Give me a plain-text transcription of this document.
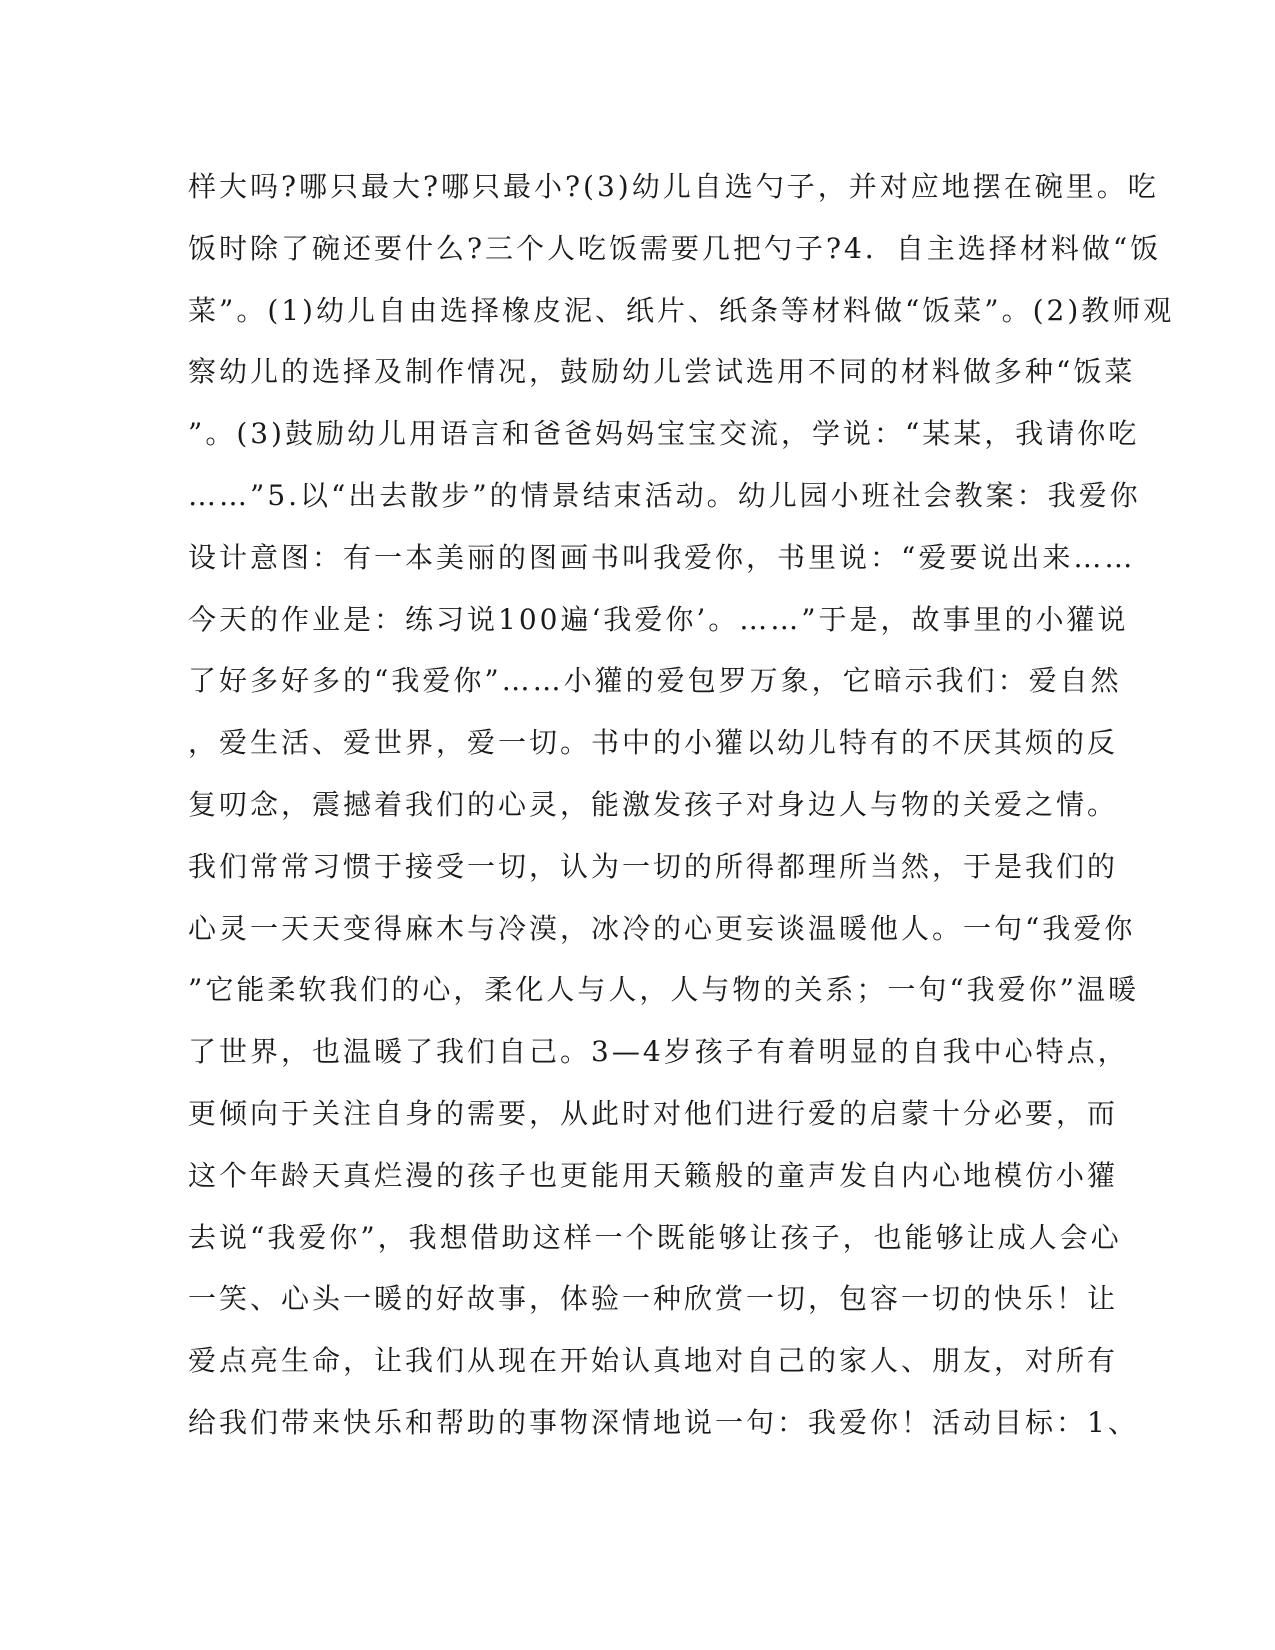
样大吗?哪只最大?哪只最小?(3)幼儿自选勺子，并对应地摆在碗里。吃
饭时除了碗还要什么?三个人吃饭需要几把勺子?4．自主选择材料做“饭
菜”。(1)幼儿自由选择橡皮泥、纸片、纸条等材料做“饭菜”。(2)教师观
察幼儿的选择及制作情况，鼓励幼儿尝试选用不同的材料做多种“饭菜
”。(3)鼓励幼儿用语言和爸爸妈妈宝宝交流，学说：“某某，我请你吃
……”5.以“出去散步”的情景结束活动。幼儿园小班社会教案：我爱你
设计意图：有一本美丽的图画书叫我爱你，书里说：“爱要说出来……
今天的作业是：练习说100遍‘我爱你’。……”于是，故事里的小獾说
了好多好多的“我爱你”……小獾的爱包罗万象，它暗示我们：爱自然
，爱生活、爱世界，爱一切。书中的小獾以幼儿特有的不厌其烦的反
复叨念，震撼着我们的心灵，能激发孩子对身边人与物的关爱之情。
我们常常习惯于接受一切，认为一切的所得都理所当然，于是我们的
心灵一天天变得麻木与冷漠，冰冷的心更妄谈温暖他人。一句“我爱你
”它能柔软我们的心，柔化人与人，人与物的关系；一句“我爱你”温暖
了世界，也温暖了我们自己。3—4岁孩子有着明显的自我中心特点，
更倾向于关注自身的需要，从此时对他们进行爱的启蒙十分必要，而
这个年龄天真烂漫的孩子也更能用天籁般的童声发自内心地模仿小獾
去说“我爱你”，我想借助这样一个既能够让孩子，也能够让成人会心
一笑、心头一暖的好故事，体验一种欣赏一切，包容一切的快乐！让
爱点亮生命，让我们从现在开始认真地对自己的家人、朋友，对所有
给我们带来快乐和帮助的事物深情地说一句：我爱你！活动目标：1、
